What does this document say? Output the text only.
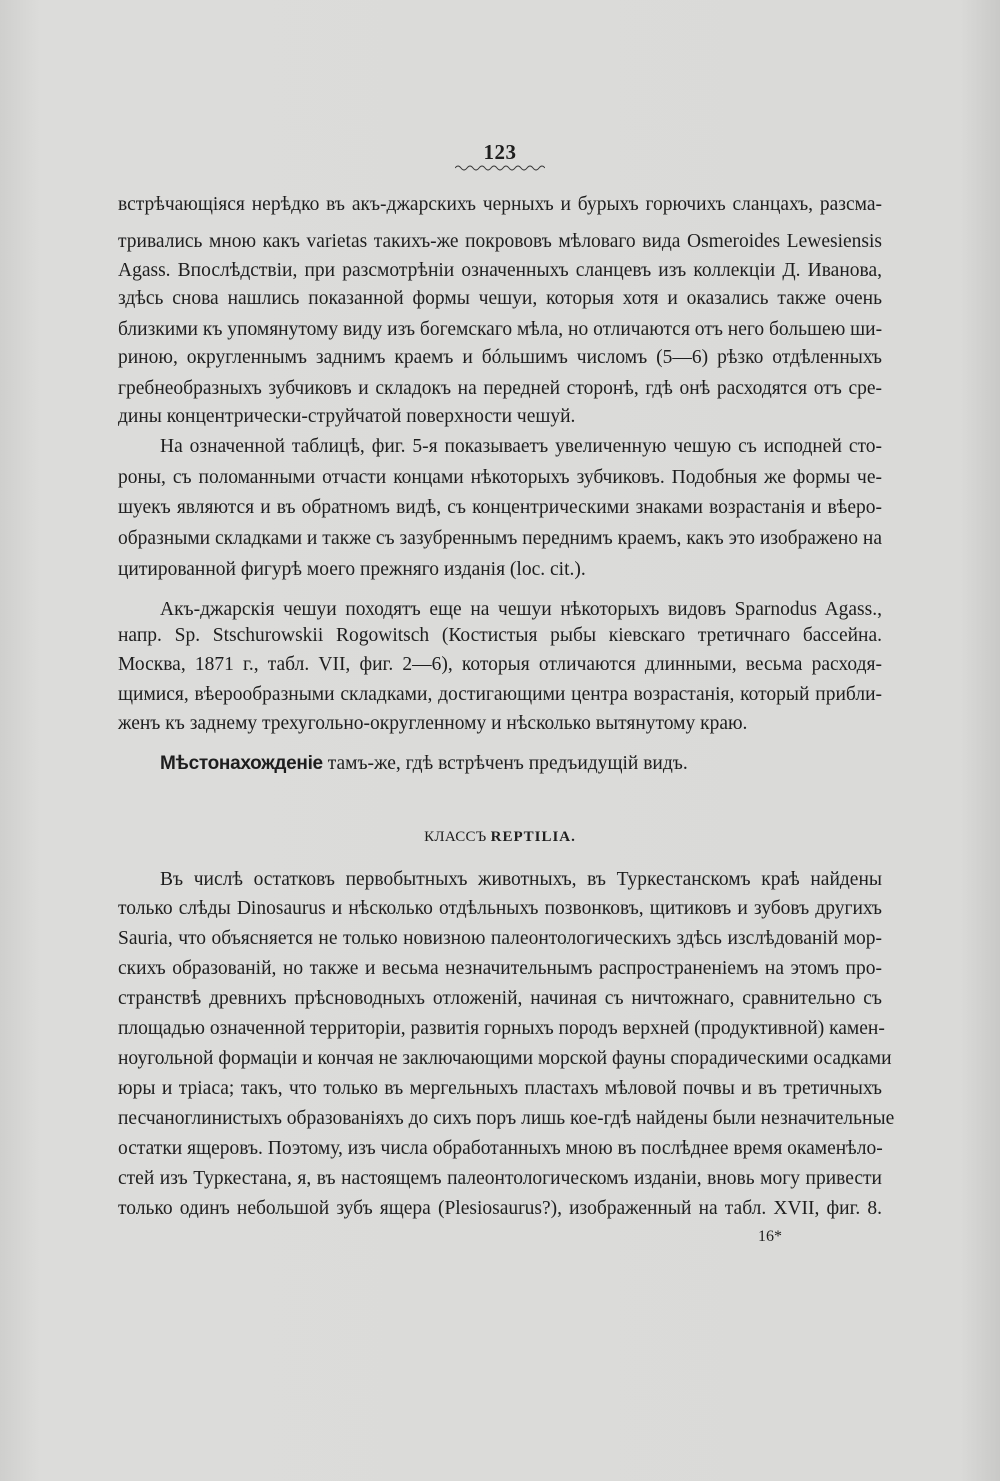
123
встрѣчающіяся нерѣдко въ акъ-джарскихъ черныхъ и бурыхъ горючихъ сланцахъ, разсма-
тривались мною какъ varietas такихъ-же покрововъ мѣловаго вида Osmeroides Lewesiensis
Agass. Впослѣдствіи, при разсмотрѣніи означенныхъ сланцевъ изъ коллекціи Д. Иванова,
здѣсь снова нашлись показанной формы чешуи, которыя хотя и оказались также очень
близкими къ упомянутому виду изъ богемскаго мѣла, но отличаются отъ него большею ши-
риною, округленнымъ заднимъ краемъ и бóльшимъ числомъ (5—6) рѣзко отдѣленныхъ
гребнеобразныхъ зубчиковъ и складокъ на передней сторонѣ, гдѣ онѣ расходятся отъ сре-
дины концентрически-струйчатой поверхности чешуй.
На означенной таблицѣ, фиг. 5-я показываетъ увеличенную чешую съ исподней сто-
роны, съ поломанными отчасти концами нѣкоторыхъ зубчиковъ. Подобныя же формы че-
шуекъ являются и въ обратномъ видѣ, съ концентрическими знаками возрастанія и вѣеро-
образными складками и также съ зазубреннымъ переднимъ краемъ, какъ это изображено на
цитированной фигурѣ моего прежняго изданія (loc. cit.).
Акъ-джарскія чешуи походятъ еще на чешуи нѣкоторыхъ видовъ Sparnodus Agass.,
напр. Sp. Stschurowskii Rogowitsch (Костистыя рыбы кіевскаго третичнаго бассейна.
Москва, 1871 г., табл. VII, фиг. 2—6), которыя отличаются длинными, весьма расходя-
щимися, вѣерообразными складками, достигающими центра возрастанія, который прибли-
женъ къ заднему трехугольно-округленному и нѣсколько вытянутому краю.
Мѣстонахожденіе тамъ-же, гдѣ встрѣченъ предъидущій видъ.
КЛАССЪ REPTILIA.
Въ числѣ остатковъ первобытныхъ животныхъ, въ Туркестанскомъ краѣ найдены
только слѣды Dinosaurus и нѣсколько отдѣльныхъ позвонковъ, щитиковъ и зубовъ другихъ
Sauria, что объясняется не только новизною палеонтологическихъ здѣсь изслѣдованій мор-
скихъ образованій, но также и весьма незначительнымъ распространеніемъ на этомъ про-
странствѣ древнихъ прѣсноводныхъ отложеній, начиная съ ничтожнаго, сравнительно съ
площадью означенной территоріи, развитія горныхъ породъ верхней (продуктивной) камен-
ноугольной формаціи и кончая не заключающими морской фауны спорадическими осадками
юры и тріаса; такъ, что только въ мергельныхъ пластахъ мѣловой почвы и въ третичныхъ
песчаноглинистыхъ образованіяхъ до сихъ поръ лишь кое-гдѣ найдены были незначительные
остатки ящеровъ. Поэтому, изъ числа обработанныхъ мною въ послѣднее время окаменѣло-
стей изъ Туркестана, я, въ настоящемъ палеонтологическомъ изданіи, вновь могу привести
только одинъ небольшой зубъ ящера (Plesiosaurus?), изображенный на табл. XVII, фиг. 8.
16*
